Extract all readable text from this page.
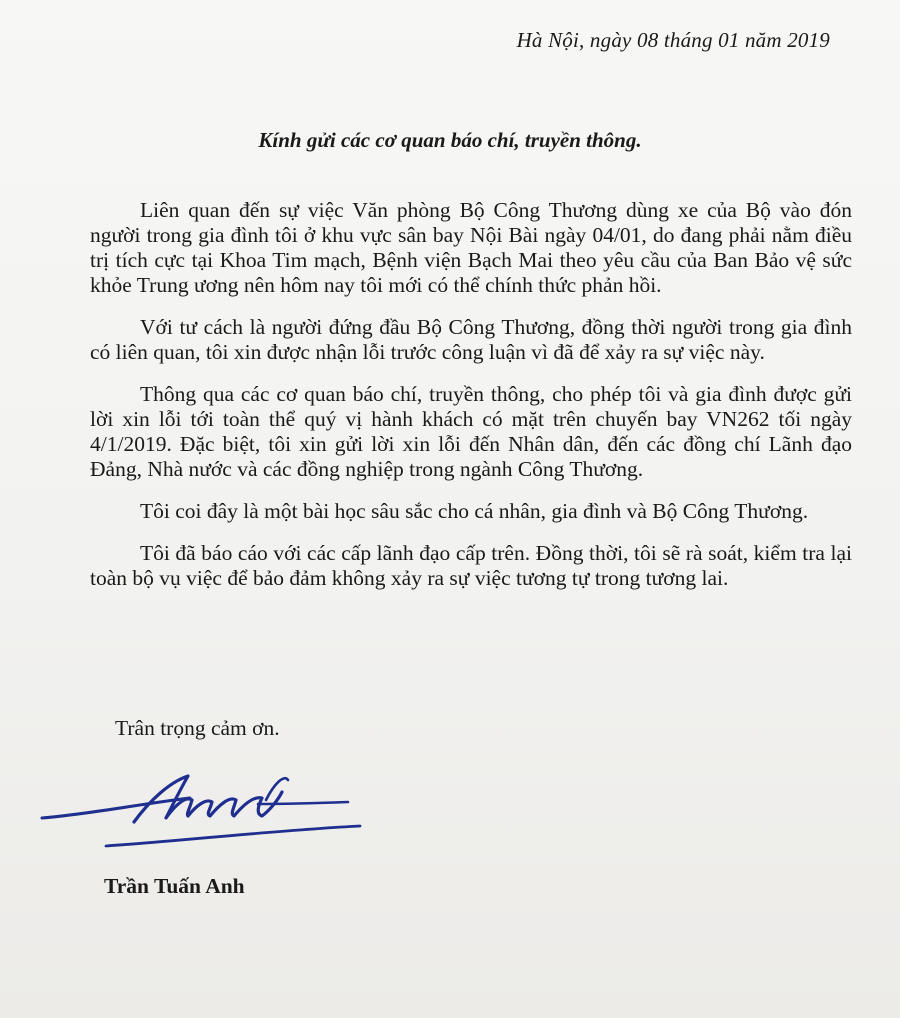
Hà Nội, ngày 08 tháng 01 năm 2019
Kính gửi các cơ quan báo chí, truyền thông.

Liên quan đến sự việc Văn phòng Bộ Công Thương dùng xe của Bộ vào đón người trong gia đình tôi ở khu vực sân bay Nội Bài ngày 04/01, do đang phải nằm điều trị tích cực tại Khoa Tim mạch, Bệnh viện Bạch Mai theo yêu cầu của Ban Bảo vệ sức khỏe Trung ương nên hôm nay tôi mới có thể chính thức phản hồi.

Với tư cách là người đứng đầu Bộ Công Thương, đồng thời người trong gia đình có liên quan, tôi xin được nhận lỗi trước công luận vì đã để xảy ra sự việc này.

Thông qua các cơ quan báo chí, truyền thông, cho phép tôi và gia đình được gửi lời xin lỗi tới toàn thể quý vị hành khách có mặt trên chuyến bay VN262 tối ngày 4/1/2019. Đặc biệt, tôi xin gửi lời xin lỗi đến Nhân dân, đến các đồng chí Lãnh đạo Đảng, Nhà nước và các đồng nghiệp trong ngành Công Thương.

Tôi coi đây là một bài học sâu sắc cho cá nhân, gia đình và Bộ Công Thương.

Tôi đã báo cáo với các cấp lãnh đạo cấp trên. Đồng thời, tôi sẽ rà soát, kiểm tra lại toàn bộ vụ việc để bảo đảm không xảy ra sự việc tương tự trong tương lai.

Trân trọng cảm ơn.
Trần Tuấn Anh
